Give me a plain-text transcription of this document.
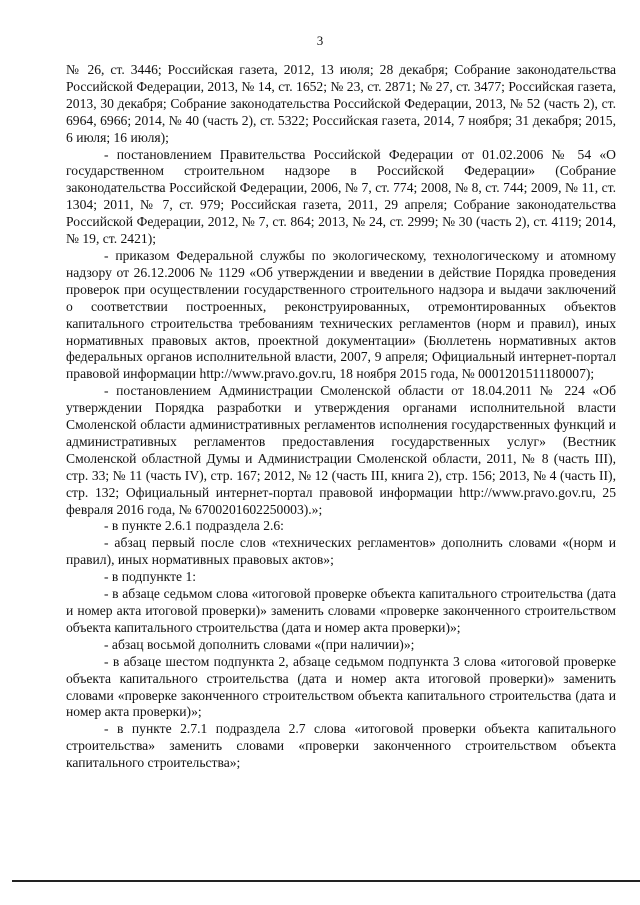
3

№ 26, ст. 3446; Российская газета, 2012, 13 июля; 28 декабря; Собрание законодательства Российской Федерации, 2013, № 14, ст. 1652; № 23, ст. 2871; № 27, ст. 3477; Российская газета, 2013, 30 декабря; Собрание законодательства Российской Федерации, 2013, № 52 (часть 2), ст. 6964, 6966; 2014, № 40 (часть 2), ст. 5322; Российская газета, 2014, 7 ноября; 31 декабря; 2015, 6 июля; 16 июля);

- постановлением Правительства Российской Федерации от 01.02.2006 № 54 «О государственном строительном надзоре в Российской Федерации» (Собрание законодательства Российской Федерации, 2006, № 7, ст. 774; 2008, № 8, ст. 744; 2009, № 11, ст. 1304; 2011, № 7, ст. 979; Российская газета, 2011, 29 апреля; Собрание законодательства Российской Федерации, 2012, № 7, ст. 864; 2013, № 24, ст. 2999; № 30 (часть 2), ст. 4119; 2014, № 19, ст. 2421);

- приказом Федеральной службы по экологическому, технологическому и атомному надзору от 26.12.2006 № 1129 «Об утверждении и введении в действие Порядка проведения проверок при осуществлении государственного строительного надзора и выдачи заключений о соответствии построенных, реконструированных, отремонтированных объектов капитального строительства требованиям технических регламентов (норм и правил), иных нормативных правовых актов, проектной документации» (Бюллетень нормативных актов федеральных органов исполнительной власти, 2007, 9 апреля; Официальный интернет-портал правовой информации http://www.pravo.gov.ru, 18 ноября 2015 года, № 0001201511180007);

- постановлением Администрации Смоленской области от 18.04.2011 № 224 «Об утверждении Порядка разработки и утверждения органами исполнительной власти Смоленской области административных регламентов исполнения государственных функций и административных регламентов предоставления государственных услуг» (Вестник Смоленской областной Думы и Администрации Смоленской области, 2011, № 8 (часть III), стр. 33; № 11 (часть IV), стр. 167; 2012, № 12 (часть III, книга 2), стр. 156; 2013, № 4 (часть II), стр. 132; Официальный интернет-портал правовой информации http://www.pravo.gov.ru, 25 февраля 2016 года, № 6700201602250003).»;

- в пункте 2.6.1 подраздела 2.6:

- абзац первый после слов «технических регламентов» дополнить словами «(норм и правил), иных нормативных правовых актов»;

- в подпункте 1:

- в абзаце седьмом слова «итоговой проверке объекта капитального строительства (дата и номер акта итоговой проверки)» заменить словами «проверке законченного строительством объекта капитального строительства (дата и номер акта проверки)»;

- абзац восьмой дополнить словами «(при наличии)»;

- в абзаце шестом подпункта 2, абзаце седьмом подпункта 3 слова «итоговой проверке объекта капитального строительства (дата и номер акта итоговой проверки)» заменить словами «проверке законченного строительством объекта капитального строительства (дата и номер акта проверки)»;

- в пункте 2.7.1 подраздела 2.7 слова «итоговой проверки объекта капитального строительства» заменить словами «проверки законченного строительством объекта капитального строительства»;
